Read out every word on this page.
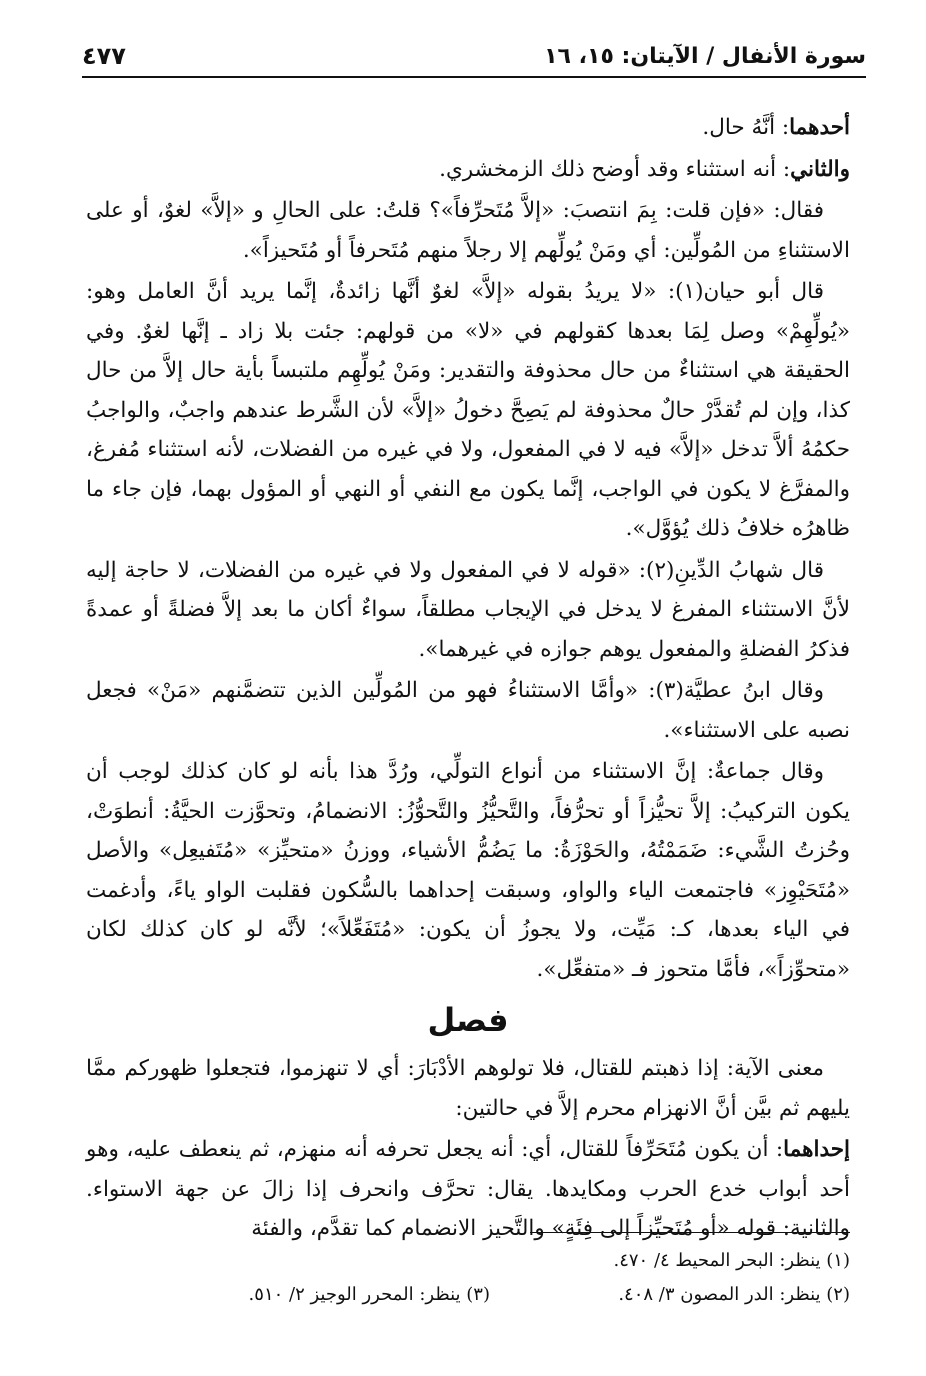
سورة الأنفال / الآيتان: ١٥، ١٦
٤٧٧

أحدهما: أنَّهُ حال.

والثاني: أنه استثناء وقد أوضح ذلك الزمخشري.

فقال: «فإن قلت: بِمَ انتصبَ: «إلاَّ مُتَحرِّفاً»؟ قلتُ: على الحالِ و «إلاَّ» لغوٌ، أو على الاستثناءِ من المُولِّين: أي ومَنْ يُولِّهم إلا رجلاً منهم مُتَحرفاً أو مُتَحيزاً».

قال أبو حيان(١): «لا يريدُ بقوله «إلاَّ» لغوٌ أنَّها زائدةٌ، إنَّما يريد أنَّ العامل وهو: «يُولِّهِمْ» وصل لِمَا بعدها كقولهم في «لا» من قولهم: جئت بلا زاد ـ إنَّها لغوٌ. وفي الحقيقة هي استثناءٌ من حال محذوفة والتقدير: ومَنْ يُولِّهِم ملتبساً بأية حال إلاَّ من حال كذا، وإن لم تُقدَّرْ حالٌ محذوفة لم يَصِحَّ دخولُ «إلاَّ» لأن الشَّرط عندهم واجبٌ، والواجبُ حكمُهُ ألاَّ تدخل «إلاَّ» فيه لا في المفعول، ولا في غيره من الفضلات، لأنه استثناء مُفرغ، والمفرَّغ لا يكون في الواجب، إنَّما يكون مع النفي أو النهي أو المؤول بهما، فإن جاء ما ظاهرُه خلافُ ذلك يُؤوَّل».

قال شهابُ الدِّينِ(٢): «قوله لا في المفعول ولا في غيره من الفضلات، لا حاجة إليه لأنَّ الاستثناء المفرغ لا يدخل في الإيجاب مطلقاً، سواءٌ أكان ما بعد إلاَّ فضلةً أو عمدةً فذكرُ الفضلةِ والمفعول يوهم جوازه في غيرهما».

وقال ابنُ عطيَّة(٣): «وأمَّا الاستثناءُ فهو من المُولِّين الذين تتضمَّنهم «مَنْ» فجعل نصبه على الاستثناء».

وقال جماعةٌ: إنَّ الاستثناء من أنواع التولِّي، ورُدَّ هذا بأنه لو كان كذلك لوجب أن يكون التركيبُ: إلاَّ تحيُّزاً أو تحرُّفاً، والتَّحيُّزُ والتَّحوُّزُ: الانضمامُ، وتحوَّزت الحيَّةُ: أنطوَتْ، وحُزتُ الشَّيء: ضَمَمْتُهُ، والحَوْزَةُ: ما يَضُمُّ الأشياء، ووزنُ «متحيِّز» «مُتَفيعِل» والأصل «مُتَحَيْوِز» فاجتمعت الياء والواو، وسبقت إحداهما بالسُّكون فقلبت الواو ياءً، وأدغمت في الياء بعدها، كـ: مَيِّت، ولا يجوزُ أن يكون: «مُتَفَعِّلاً»؛ لأنَّه لو كان كذلك لكان «متحوِّزاً»، فأمَّا متحوز فـ «متفعِّل».

فصل

معنى الآية: إذا ذهبتم للقتال، فلا تولوهم الأدْبَارَ: أي لا تنهزموا، فتجعلوا ظهوركم ممَّا يليهم ثم بيَّن أنَّ الانهزام محرم إلاَّ في حالتين:

إحداهما: أن يكون مُتَحَرِّفاً للقتال، أي: أنه يجعل تحرفه أنه منهزم، ثم ينعطف عليه، وهو أحد أبواب خدع الحرب ومكايدها. يقال: تحرَّف وانحرف إذا زالَ عن جهة الاستواء. والثانية: قوله «أو مُتَحيِّزاً إلى فِئَةٍ» والتَّحيز الانضمام كما تقدَّم، والفئة

(١) ينظر: البحر المحيط ٤/ ٤٧٠.
(٢) ينظر: الدر المصون ٣/ ٤٠٨.
(٣) ينظر: المحرر الوجيز ٢/ ٥١٠.
